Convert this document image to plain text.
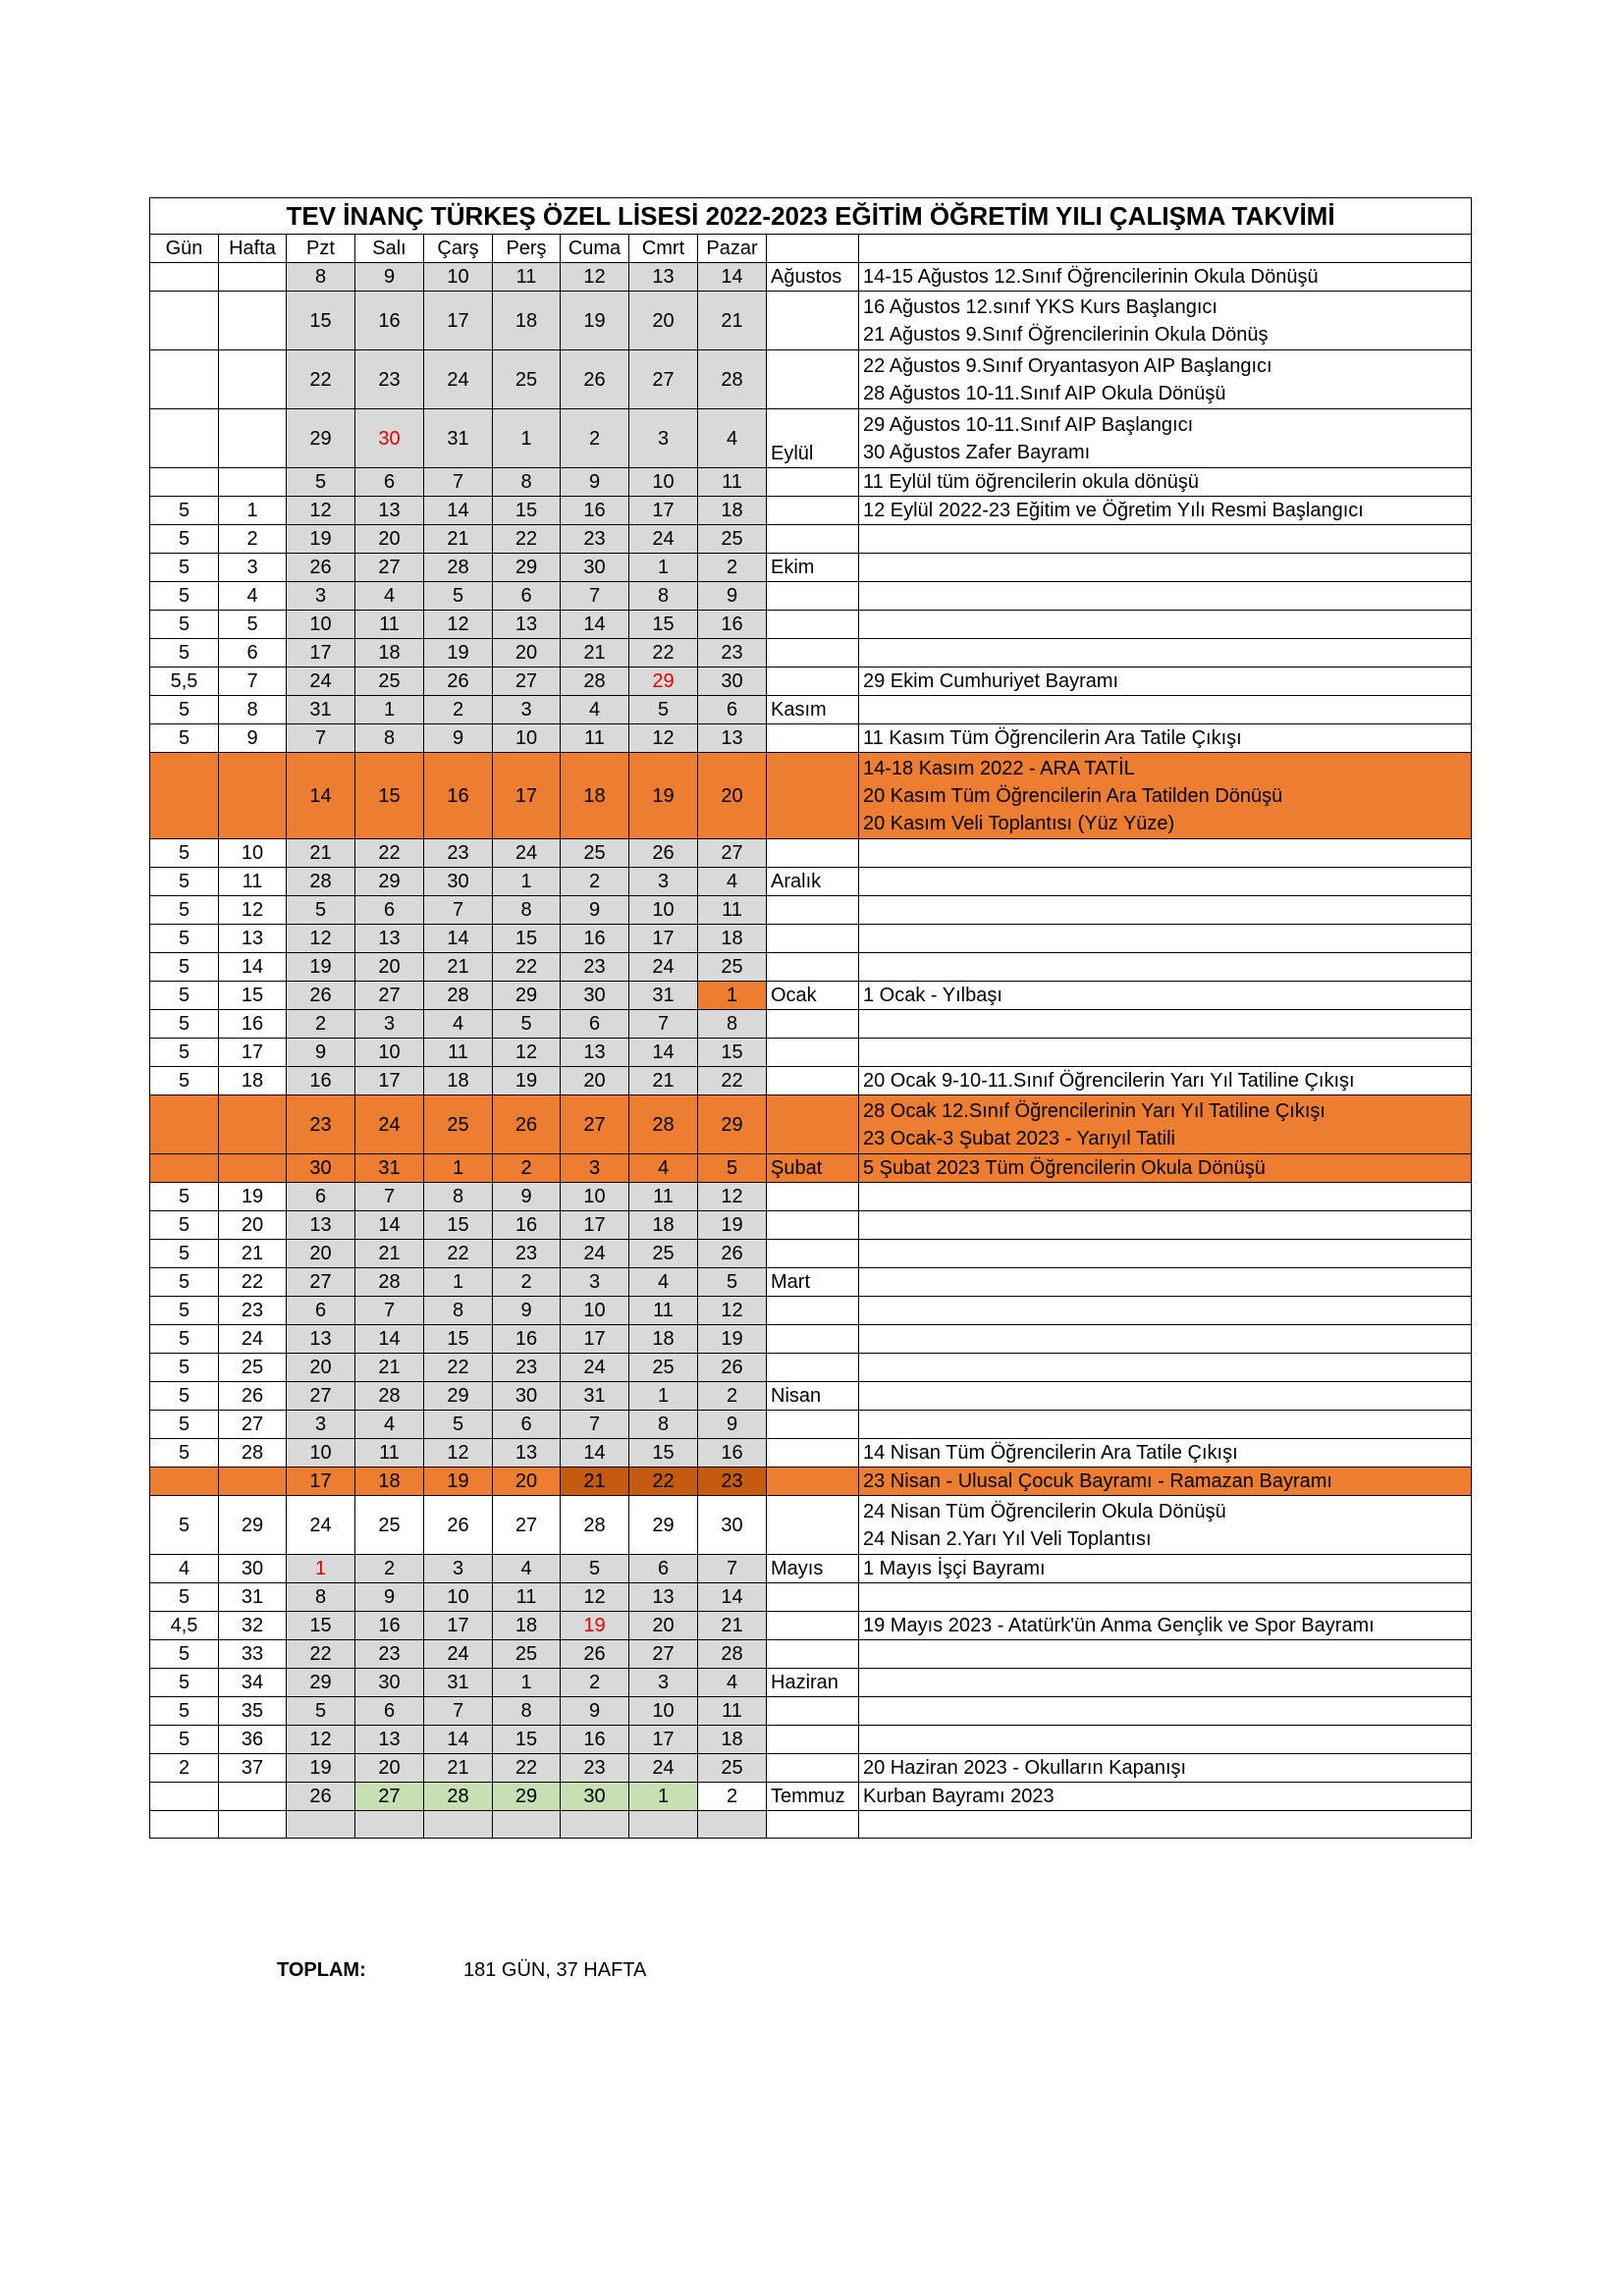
TEV İNANÇ TÜRKEŞ ÖZEL LİSESİ 2022-2023 EĞİTİM ÖĞRETİM YILI ÇALIŞMA TAKVİMİ										
Gün	Hafta	Pzt	Salı	Çarş	Perş	Cuma	Cmrt	Pazar		
		8	9	10	11	12	13	14	Ağustos	14-15 Ağustos 12.Sınıf Öğrencilerinin Okula Dönüşü

		15	16	17	18	19	20	21		16 Ağustos 12.sınıf YKS Kurs Başlangıcı
21 Ağustos 9.Sınıf Öğrencilerinin Okula Dönüş

		22	23	24	25	26	27	28		22 Ağustos 9.Sınıf Oryantasyon AIP Başlangıcı
28 Ağustos 10-11.Sınıf AIP Okula Dönüşü

		29	30	31	1	2	3	4	Eylül	29 Ağustos 10-11.Sınıf AIP Başlangıcı
30 Ağustos Zafer Bayramı

		5	6	7	8	9	10	11		11 Eylül tüm öğrencilerin okula dönüşü

5	1	12	13	14	15	16	17	18		12 Eylül 2022-23 Eğitim ve Öğretim Yılı Resmi Başlangıcı

5	2	19	20	21	22	23	24	25		
5	3	26	27	28	29	30	1	2	Ekim	
5	4	3	4	5	6	7	8	9		
5	5	10	11	12	13	14	15	16		
5	6	17	18	19	20	21	22	23		
5,5	7	24	25	26	27	28	29	30		29 Ekim Cumhuriyet Bayramı

5	8	31	1	2	3	4	5	6	Kasım	
5	9	7	8	9	10	11	12	13		11 Kasım Tüm Öğrencilerin Ara Tatile Çıkışı

		14	15	16	17	18	19	20		14-18 Kasım 2022 - ARA TATİL
20 Kasım Tüm Öğrencilerin Ara Tatilden Dönüşü
20 Kasım Veli Toplantısı (Yüz Yüze)

5	10	21	22	23	24	25	26	27		
5	11	28	29	30	1	2	3	4	Aralık	
5	12	5	6	7	8	9	10	11		
5	13	12	13	14	15	16	17	18		
5	14	19	20	21	22	23	24	25		
5	15	26	27	28	29	30	31	1	Ocak	1 Ocak - Yılbaşı

5	16	2	3	4	5	6	7	8		
5	17	9	10	11	12	13	14	15		
5	18	16	17	18	19	20	21	22		20 Ocak 9-10-11.Sınıf Öğrencilerin Yarı Yıl Tatiline Çıkışı

		23	24	25	26	27	28	29		28 Ocak 12.Sınıf Öğrencilerinin Yarı Yıl Tatiline Çıkışı
23 Ocak-3 Şubat 2023 - Yarıyıl Tatili

		30	31	1	2	3	4	5	Şubat	5 Şubat 2023 Tüm Öğrencilerin Okula Dönüşü

5	19	6	7	8	9	10	11	12		
5	20	13	14	15	16	17	18	19		
5	21	20	21	22	23	24	25	26		
5	22	27	28	1	2	3	4	5	Mart	
5	23	6	7	8	9	10	11	12		
5	24	13	14	15	16	17	18	19		
5	25	20	21	22	23	24	25	26		
5	26	27	28	29	30	31	1	2	Nisan	
5	27	3	4	5	6	7	8	9		
5	28	10	11	12	13	14	15	16		14 Nisan Tüm Öğrencilerin Ara Tatile Çıkışı

		17	18	19	20	21	22	23		23 Nisan - Ulusal Çocuk Bayramı - Ramazan Bayramı

5	29	24	25	26	27	28	29	30		24 Nisan Tüm Öğrencilerin Okula Dönüşü
24 Nisan 2.Yarı Yıl Veli Toplantısı

4	30	1	2	3	4	5	6	7	Mayıs	1 Mayıs İşçi Bayramı

5	31	8	9	10	11	12	13	14		
4,5	32	15	16	17	18	19	20	21		19 Mayıs 2023 - Atatürk'ün Anma Gençlik ve Spor Bayramı

5	33	22	23	24	25	26	27	28		
5	34	29	30	31	1	2	3	4	Haziran	
5	35	5	6	7	8	9	10	11		
5	36	12	13	14	15	16	17	18		
2	37	19	20	21	22	23	24	25		20 Haziran 2023 - Okulların Kapanışı

		26	27	28	29	30	1	2	Temmuz	Kurban Bayramı 2023

TOPLAM:	181 GÜN, 37 HAFTA
